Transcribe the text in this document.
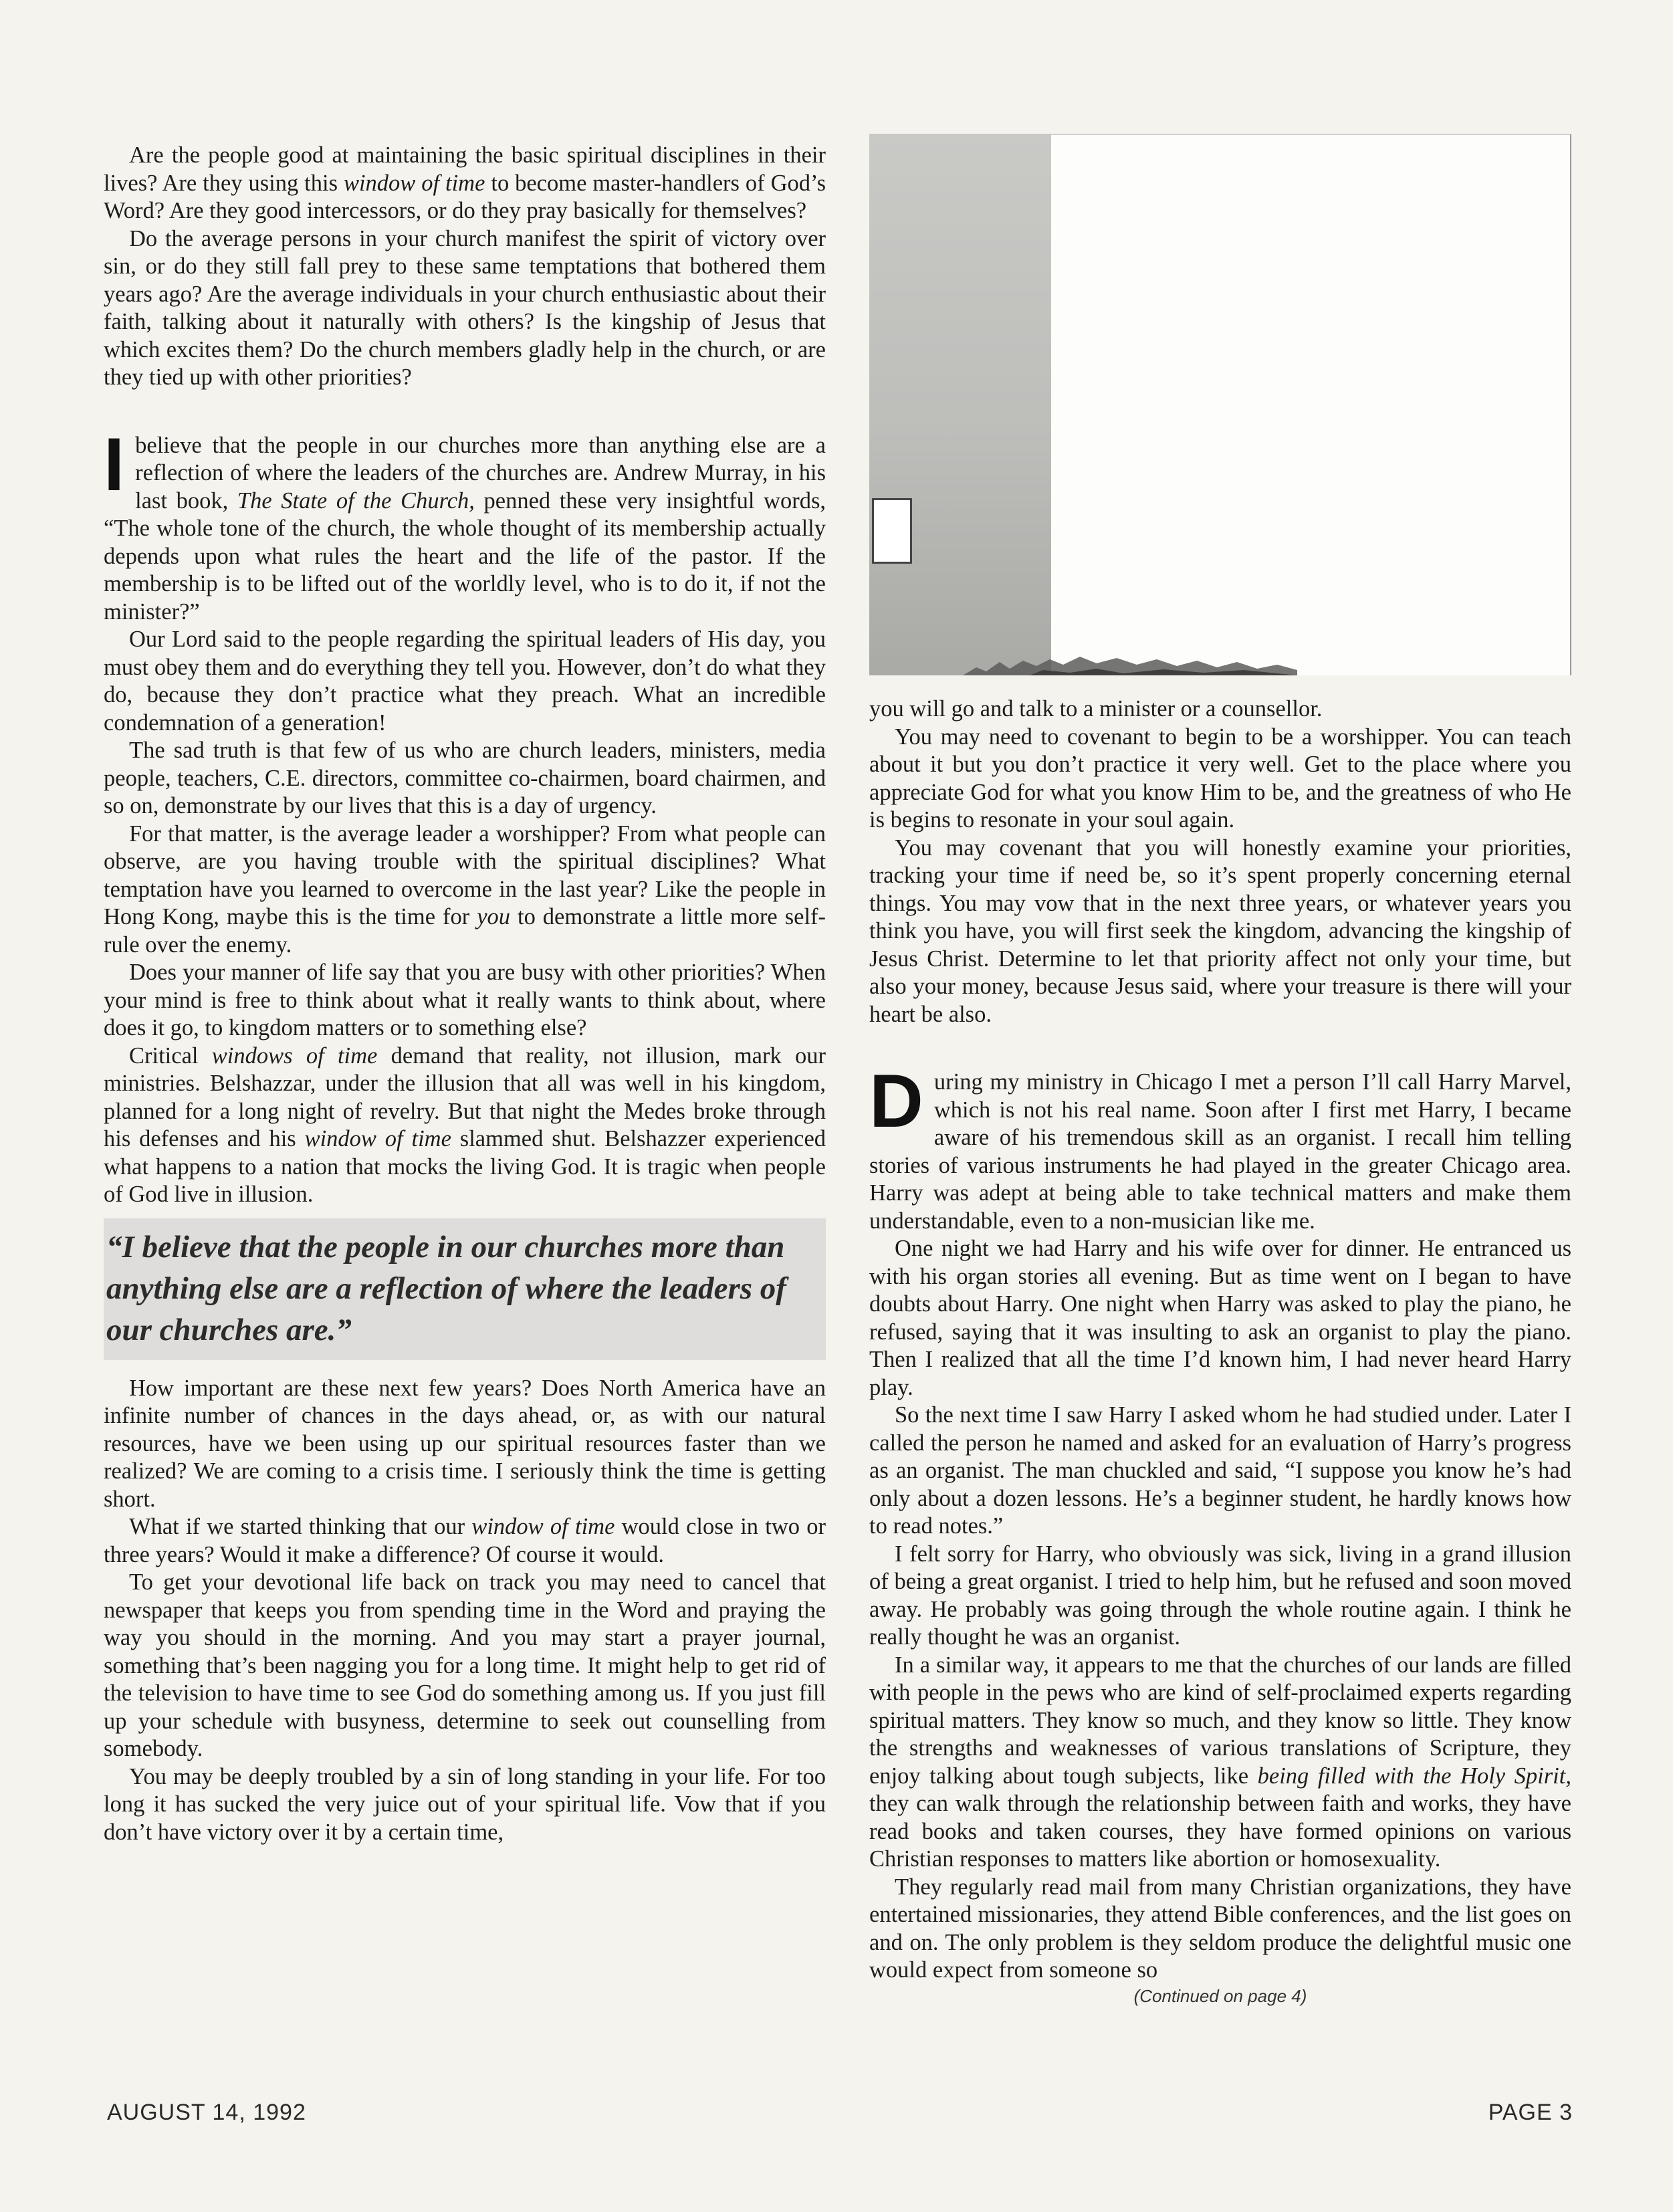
Are the people good at maintaining the basic spiritual disciplines in their lives? Are they using this window of time to become master-handlers of God’s Word? Are they good intercessors, or do they pray basically for themselves?

Do the average persons in your church manifest the spirit of victory over sin, or do they still fall prey to these same temptations that bothered them years ago? Are the average individuals in your church enthusiastic about their faith, talking about it naturally with others? Is the kingship of Jesus that which excites them? Do the church members gladly help in the church, or are they tied up with other priorities?

I believe that the people in our churches more than anything else are a reflection of where the leaders of the churches are. Andrew Murray, in his last book, The State of the Church, penned these very insightful words, “The whole tone of the church, the whole thought of its membership actually depends upon what rules the heart and the life of the pastor. If the membership is to be lifted out of the worldly level, who is to do it, if not the minister?”

Our Lord said to the people regarding the spiritual leaders of His day, you must obey them and do everything they tell you. However, don’t do what they do, because they don’t practice what they preach. What an incredible condemnation of a generation!

The sad truth is that few of us who are church leaders, ministers, media people, teachers, C.E. directors, committee co-chairmen, board chairmen, and so on, demonstrate by our lives that this is a day of urgency.

For that matter, is the average leader a worshipper? From what people can observe, are you having trouble with the spiritual disciplines? What temptation have you learned to overcome in the last year? Like the people in Hong Kong, maybe this is the time for you to demonstrate a little more self-rule over the enemy.

Does your manner of life say that you are busy with other priorities? When your mind is free to think about what it really wants to think about, where does it go, to kingdom matters or to something else?

Critical windows of time demand that reality, not illusion, mark our ministries. Belshazzar, under the illusion that all was well in his kingdom, planned for a long night of revelry. But that night the Medes broke through his defenses and his window of time slammed shut. Belshazzer experienced what happens to a nation that mocks the living God. It is tragic when people of God live in illusion.

“I believe that the people in our churches more than anything else are a reflection of where the leaders of our churches are.”

How important are these next few years? Does North America have an infinite number of chances in the days ahead, or, as with our natural resources, have we been using up our spiritual resources faster than we realized? We are coming to a crisis time. I seriously think the time is getting short.

What if we started thinking that our window of time would close in two or three years? Would it make a difference? Of course it would.

To get your devotional life back on track you may need to cancel that newspaper that keeps you from spending time in the Word and praying the way you should in the morning. And you may start a prayer journal, something that’s been nagging you for a long time. It might help to get rid of the television to have time to see God do something among us. If you just fill up your schedule with busyness, determine to seek out counselling from somebody.

You may be deeply troubled by a sin of long standing in your life. For too long it has sucked the very juice out of your spiritual life. Vow that if you don’t have victory over it by a certain time,

you will go and talk to a minister or a counsellor.

You may need to covenant to begin to be a worshipper. You can teach about it but you don’t practice it very well. Get to the place where you appreciate God for what you know Him to be, and the greatness of who He is begins to resonate in your soul again.

You may covenant that you will honestly examine your priorities, tracking your time if need be, so it’s spent properly concerning eternal things. You may vow that in the next three years, or whatever years you think you have, you will first seek the kingdom, advancing the kingship of Jesus Christ. Determine to let that priority affect not only your time, but also your money, because Jesus said, where your treasure is there will your heart be also.

During my ministry in Chicago I met a person I’ll call Harry Marvel, which is not his real name. Soon after I first met Harry, I became aware of his tremendous skill as an organist. I recall him telling stories of various instruments he had played in the greater Chicago area. Harry was adept at being able to take technical matters and make them understandable, even to a non-musician like me.

One night we had Harry and his wife over for dinner. He entranced us with his organ stories all evening. But as time went on I began to have doubts about Harry. One night when Harry was asked to play the piano, he refused, saying that it was insulting to ask an organist to play the piano. Then I realized that all the time I’d known him, I had never heard Harry play.

So the next time I saw Harry I asked whom he had studied under. Later I called the person he named and asked for an evaluation of Harry’s progress as an organist. The man chuckled and said, “I suppose you know he’s had only about a dozen lessons. He’s a beginner student, he hardly knows how to read notes.”

I felt sorry for Harry, who obviously was sick, living in a grand illusion of being a great organist. I tried to help him, but he refused and soon moved away. He probably was going through the whole routine again. I think he really thought he was an organist.

In a similar way, it appears to me that the churches of our lands are filled with people in the pews who are kind of self-proclaimed experts regarding spiritual matters. They know so much, and they know so little. They know the strengths and weaknesses of various translations of Scripture, they enjoy talking about tough subjects, like being filled with the Holy Spirit, they can walk through the relationship between faith and works, they have read books and taken courses, they have formed opinions on various Christian responses to matters like abortion or homosexuality.

They regularly read mail from many Christian organizations, they have entertained missionaries, they attend Bible conferences, and the list goes on and on. The only problem is they seldom produce the delightful music one would expect from someone so

(Continued on page 4)
AUGUST 14, 1992	PAGE 3
